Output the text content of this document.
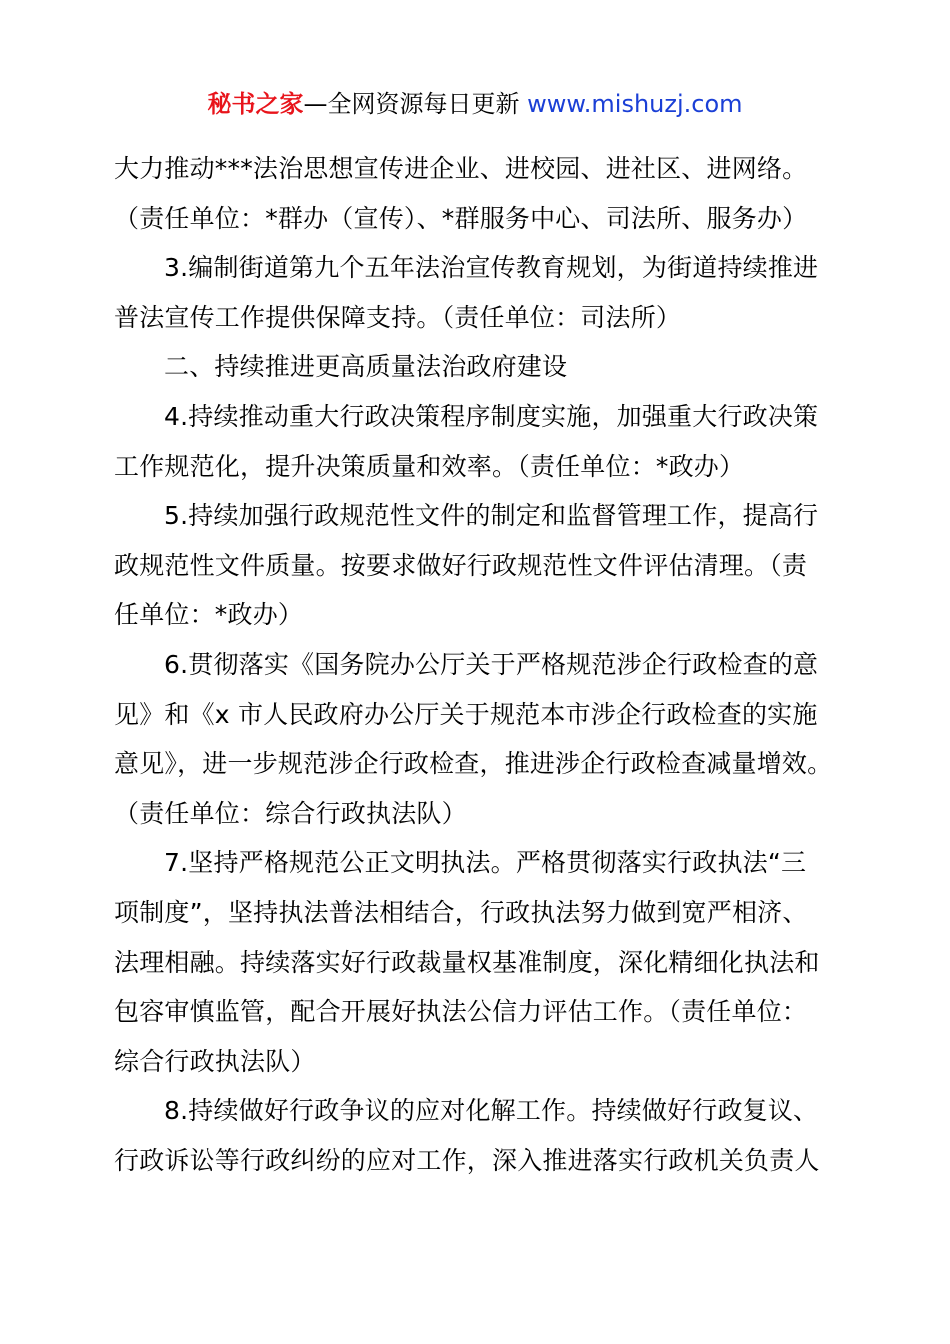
秘书之家—全网资源每日更新 www.mishuzj.com
大力推动***法治思想宣传进企业、进校园、进社区、进网络。
（责任单位：*群办（宣传）、*群服务中心、司法所、服务办）
3.编制街道第九个五年法治宣传教育规划，为街道持续推进
普法宣传工作提供保障支持。（责任单位：司法所）
二、持续推进更高质量法治政府建设
4.持续推动重大行政决策程序制度实施，加强重大行政决策
工作规范化，提升决策质量和效率。（责任单位：*政办）
5.持续加强行政规范性文件的制定和监督管理工作，提高行
政规范性文件质量。按要求做好行政规范性文件评估清理。（责
任单位：*政办）
6.贯彻落实《国务院办公厅关于严格规范涉企行政检查的意
见》和《x 市人民政府办公厅关于规范本市涉企行政检查的实施
意见》，进一步规范涉企行政检查，推进涉企行政检查减量增效。
（责任单位：综合行政执法队）
7.坚持严格规范公正文明执法。严格贯彻落实行政执法“三
项制度”，坚持执法普法相结合，行政执法努力做到宽严相济、
法理相融。持续落实好行政裁量权基准制度，深化精细化执法和
包容审慎监管，配合开展好执法公信力评估工作。（责任单位：
综合行政执法队）
8.持续做好行政争议的应对化解工作。持续做好行政复议、
行政诉讼等行政纠纷的应对工作，深入推进落实行政机关负责人
